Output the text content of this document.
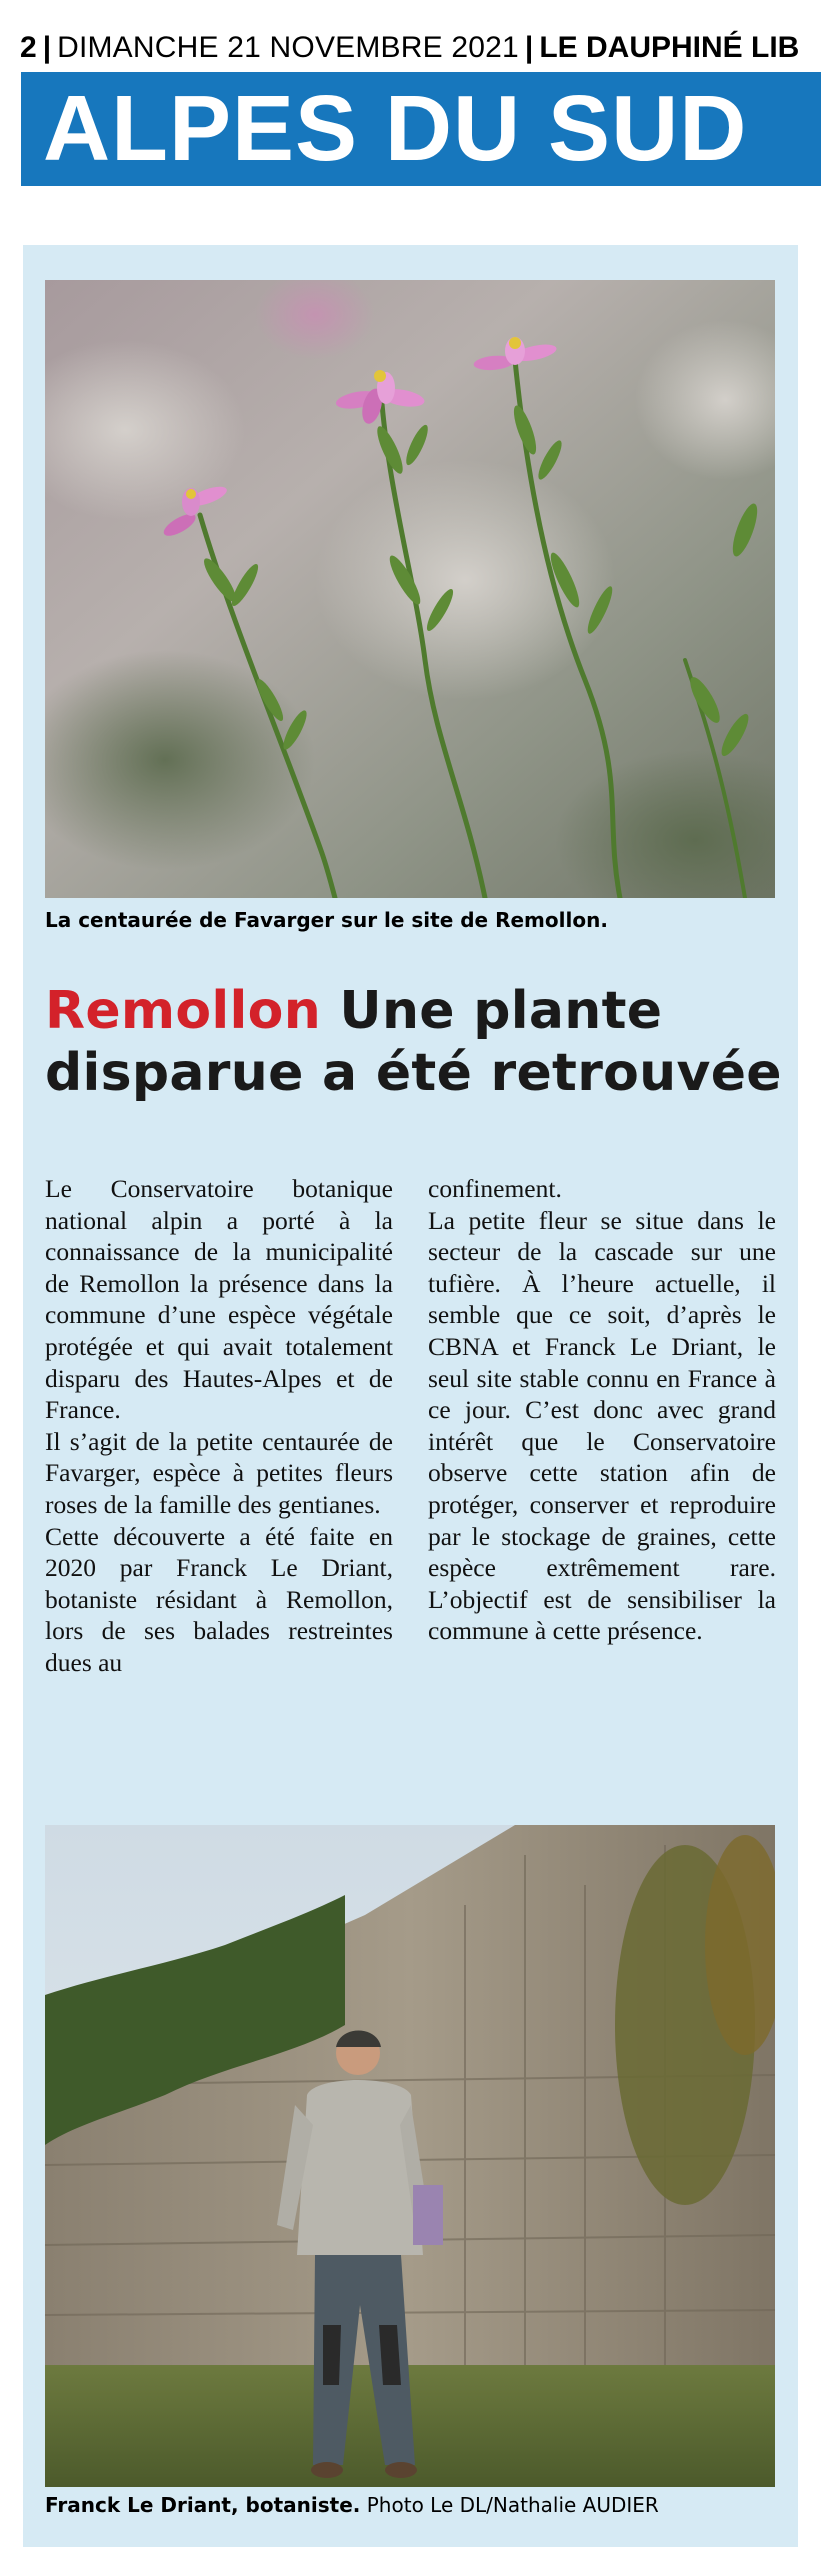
2 | DIMANCHE 21 NOVEMBRE 2021 | LE DAUPHINÉ LIB
ALPES DU SUD
La centaurée de Favarger sur le site de Remollon.
Remollon Une plante disparue a été retrouvée

Le Conservatoire botanique national alpin a porté à la connaissance de la municipalité de Remollon la présence dans la commune d’une espèce végétale protégée et qui avait totalement disparu des Hautes-Alpes et de France.

Il s’agit de la petite centaurée de Favarger, espèce à petites fleurs roses de la famille des gentianes.

Cette découverte a été faite en 2020 par Franck Le Driant, botaniste résidant à Remollon, lors de ses balades restreintes dues au

confinement.

La petite fleur se situe dans le secteur de la cascade sur une tufière. À l’heure actuelle, il semble que ce soit, d’après le CBNA et Franck Le Driant, le seul site stable connu en France à ce jour. C’est donc avec grand intérêt que le Conservatoire observe cette station afin de protéger, conserver et reproduire par le stockage de graines, cette espèce extrêmement rare. L’objectif est de sensibiliser la commune à cette présence.

Franck Le Driant, botaniste. Photo Le DL/Nathalie AUDIER
